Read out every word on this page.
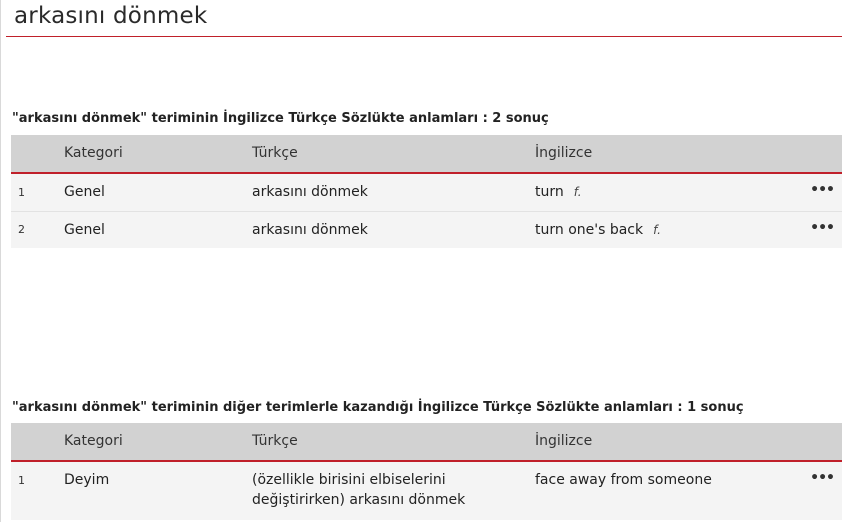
arkasını dönmek
"arkasını dönmek" teriminin İngilizce Türkçe Sözlükte anlamları : 2 sonuç
Kategori	Türkçe	İngilizce
1	Genel	arkasını dönmek	turn f.	•••
2	Genel	arkasını dönmek	turn one's back f.	•••
"arkasını dönmek" teriminin diğer terimlerle kazandığı İngilizce Türkçe Sözlükte anlamları : 1 sonuç
Kategori	Türkçe	İngilizce
1	Deyim	(özellikle birisini elbiselerini
değiştirirken) arkasını dönmek
face away from someone	•••
